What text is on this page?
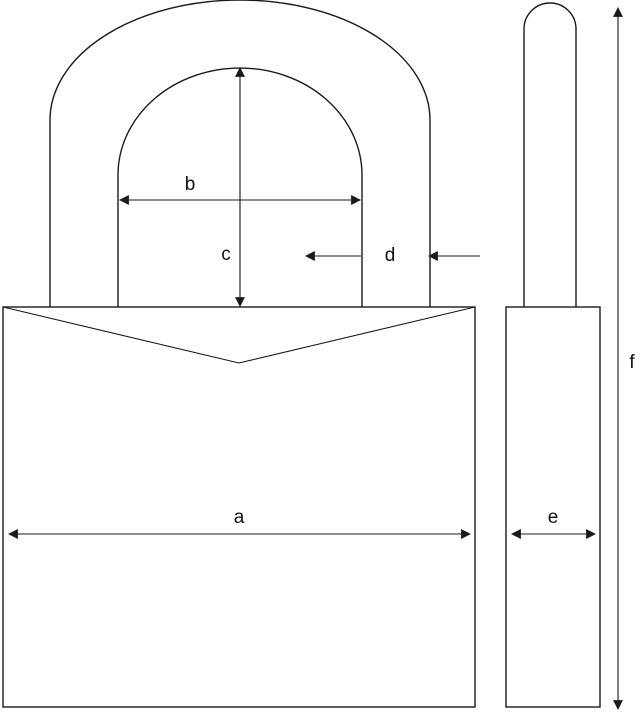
b
c	d
a	e
f
